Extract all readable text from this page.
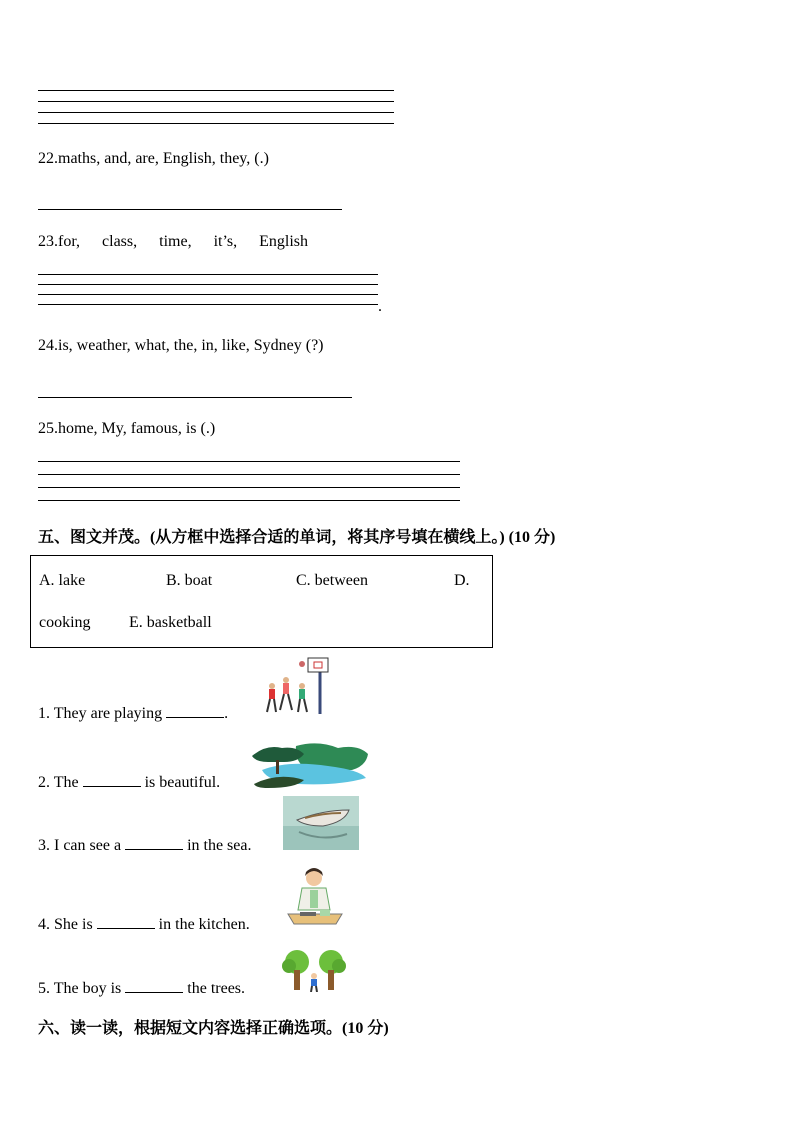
22.maths, and, are, English, they, (.)
23.for, class, time, it’s, English
.
24.is, weather, what, the, in, like, Sydney (?)
25.home, My, famous, is (.)
五、图文并茂。(从方框中选择合适的单词，将其序号填在横线上。) (10 分)
A. lake	B. boat	C. between	D.
cooking E. basketball
1. They are playing	.
2. The	is beautiful.
3. I can see a	in the sea.
4. She is	in the kitchen.
5. The boy is	the trees.
六、读一读，根据短文内容选择正确选项。(10 分)
